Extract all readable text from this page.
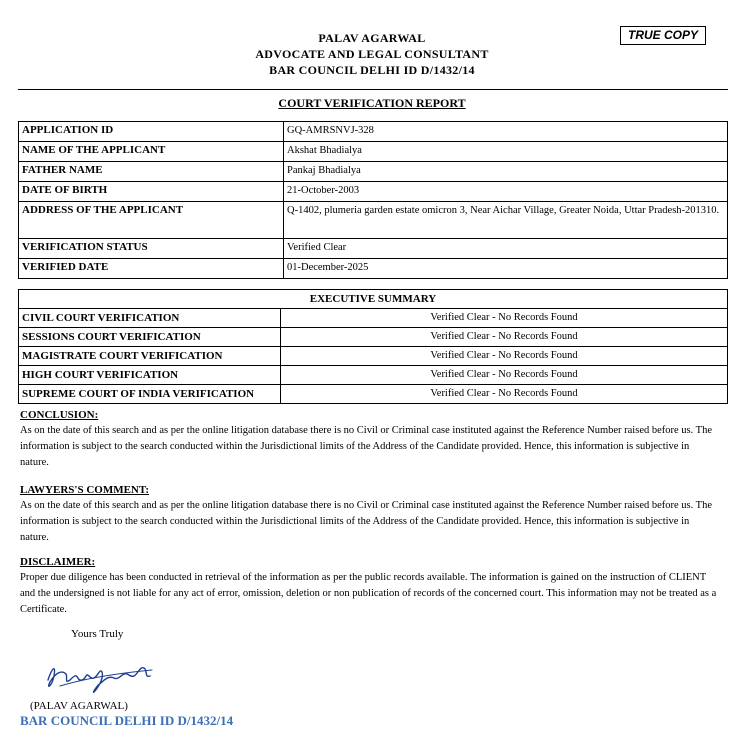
TRUE COPY
PALAV AGARWAL
ADVOCATE AND LEGAL CONSULTANT
BAR COUNCIL DELHI ID D/1432/14
COURT VERIFICATION REPORT
APPLICATION ID	GQ-AMRSNVJ-328
NAME OF THE APPLICANT	Akshat Bhadialya
FATHER NAME	Pankaj Bhadialya
DATE OF BIRTH	21-October-2003
ADDRESS OF THE APPLICANT	Q-1402, plumeria garden estate omicron 3, Near Aichar Village, Greater Noida, Uttar Pradesh-201310.
VERIFICATION STATUS	Verified Clear
VERIFIED DATE	01-December-2025
EXECUTIVE SUMMARY	
CIVIL COURT VERIFICATION	Verified Clear - No Records Found
SESSIONS COURT VERIFICATION	Verified Clear - No Records Found
MAGISTRATE COURT VERIFICATION	Verified Clear - No Records Found
HIGH COURT VERIFICATION	Verified Clear - No Records Found
SUPREME COURT OF INDIA VERIFICATION	Verified Clear - No Records Found
CONCLUSION:
As on the date of this search and as per the online litigation database there is no Civil or Criminal case instituted against the Reference Number raised before us. The information is subject to the search conducted within the Jurisdictional limits of the Address of the Candidate provided. Hence, this information is subjective in nature.
LAWYERS'S COMMENT:
As on the date of this search and as per the online litigation database there is no Civil or Criminal case instituted against the Reference Number raised before us. The information is subject to the search conducted within the Jurisdictional limits of the Address of the Candidate provided. Hence, this information is subjective in nature.
DISCLAIMER:
Proper due diligence has been conducted in retrieval of the information as per the public records available. The information is gained on the instruction of CLIENT and the undersigned is not liable for any act of error, omission, deletion or non publication of records of the concerned court. This information may not be treated as a Certificate.
Yours Truly
(PALAV AGARWAL)
BAR COUNCIL DELHI ID D/1432/14
